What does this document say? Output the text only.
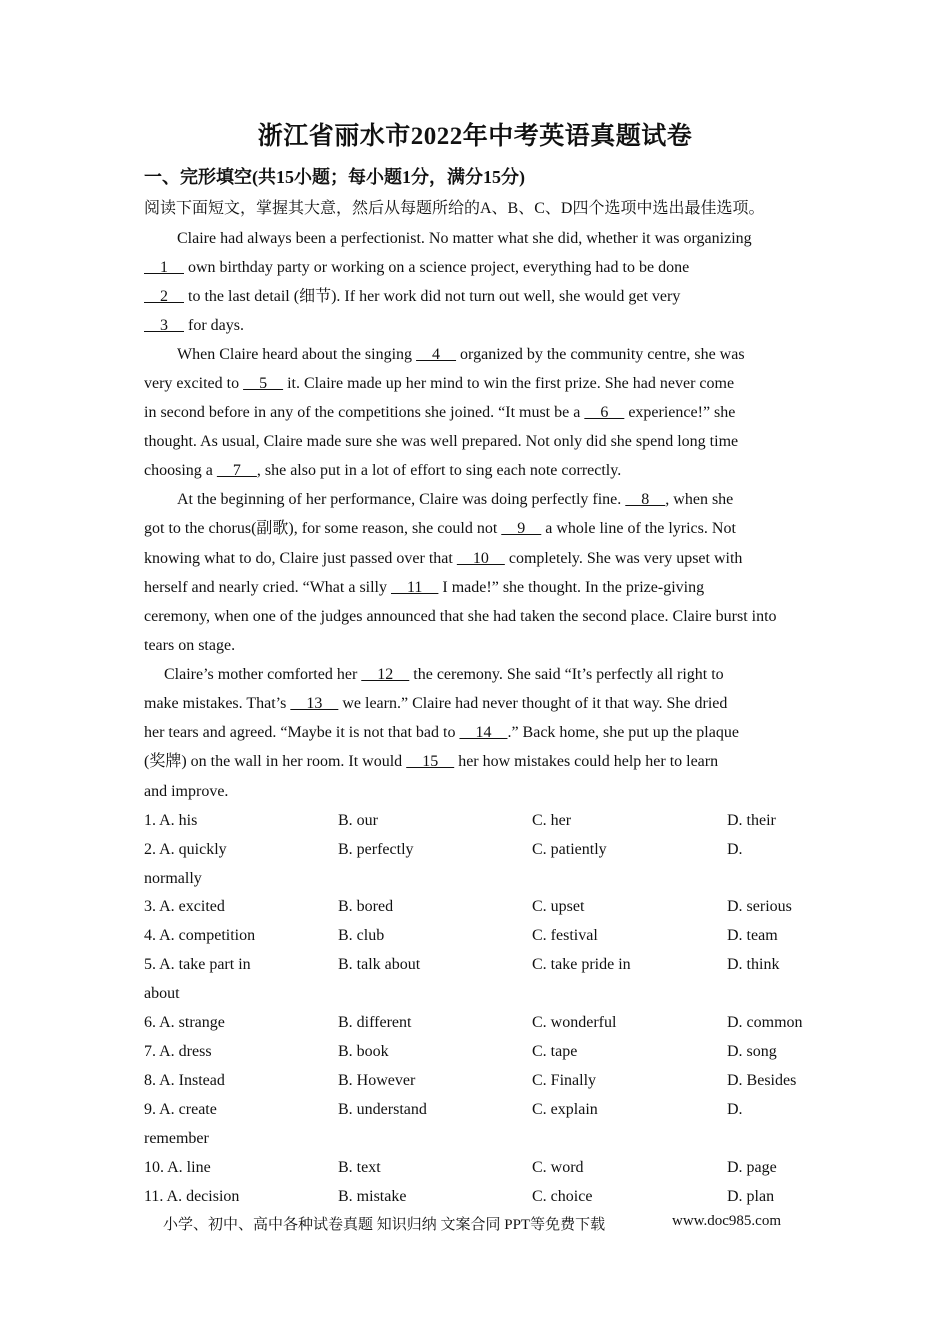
浙江省丽水市2022年中考英语真题试卷
一、完形填空(共15小题；每小题1分，满分15分)
阅读下面短文，掌握其大意，然后从每题所给的A、B、C、D四个选项中选出最佳选项。
Claire had always been a perfectionist. No matter what she did, whether it was organizing
1     own birthday party or working on a science project, everything had to be done
2     to the last detail (细节). If her work did not turn out well, she would get very
3     for days.
When Claire heard about the singing     4     organized by the community centre, she was
very excited to     5     it. Claire made up her mind to win the first prize. She had never come
in second before in any of the competitions she joined. “It must be a     6     experience!” she
thought. As usual, Claire made sure she was well prepared. Not only did she spend long time
choosing a     7    , she also put in a lot of effort to sing each note correctly.
At the beginning of her performance, Claire was doing perfectly fine.     8    , when she
got to the chorus(副歌), for some reason, she could not     9     a whole line of the lyrics. Not
knowing what to do, Claire just passed over that     10     completely. She was very upset with
herself and nearly cried. “What a silly     11     I made!” she thought. In the prize-giving
ceremony, when one of the judges announced that she had taken the second place. Claire burst into
tears on stage.
Claire’s mother comforted her     12     the ceremony. She said “It’s perfectly all right to
make mistakes. That’s     13     we learn.” Claire had never thought of it that way. She dried
her tears and agreed. “Maybe it is not that bad to     14    .” Back home, she put up the plaque
(奖牌) on the wall in her room. It would     15     her how mistakes could help her to learn
and improve.
1. A. his	B. our	C. her	D. their
2. A. quickly	B. perfectly	C. patiently	D.
normally
3. A. excited	B. bored	C. upset	D. serious
4. A. competition	B. club	C. festival	D. team
5. A. take part in	B. talk about	C. take pride in	D. think
about
6. A. strange	B. different	C. wonderful	D. common
7. A. dress	B. book	C. tape	D. song
8. A. Instead	B. However	C. Finally	D. Besides
9. A. create	B. understand	C. explain	D.
remember
10. A. line	B. text	C. word	D. page
11. A. decision	B. mistake	C. choice	D. plan
小学、初中、高中各种试卷真题 知识归纳 文案合同 PPT等免费下载	www.doc985.com
